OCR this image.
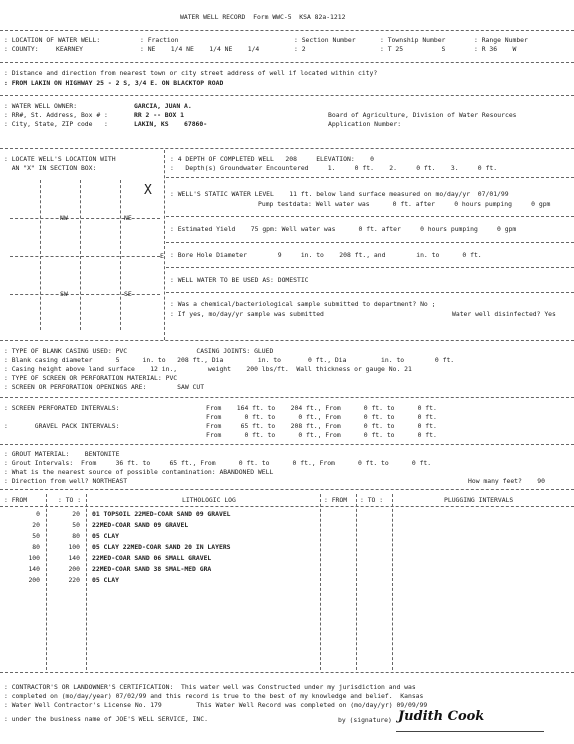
WATER WELL RECORD  Form WWC-5  KSA 82a-1212
: LOCATION OF WATER WELL:
: COUNTY:	KEARNEY
: Fraction
: NE    1/4 NE    1/4 NE    1/4
: Section Number
: 2
: Township Number
: T 25          S
: Range Number
: R 36    W
: Distance and direction from nearest town or city street address of well if located within city?
: FROM LAKIN ON HIGHWAY 25 - 2 S, 3/4 E. ON BLACKTOP ROAD
: WATER WELL OWNER:	GARCIA, JUAN A.
: RR#, St. Address, Box # :	RR 2 -- BOX 1
: City, State, ZIP code   :	LAKIN, KS    67860-
Board of Agriculture, Division of Water Resources
Application Number:
: LOCATE WELL'S LOCATION WITH
AN "X" IN SECTION BOX:
NW	NE
SW	SE
E
X
: 4 DEPTH OF COMPLETED WELL   208     ELEVATION:    0
:   Depth(s) Groundwater Encountered     1.     0 ft.    2.     0 ft.    3.     0 ft.
: WELL'S STATIC WATER LEVEL    11 ft. below land surface measured on mo/day/yr  07/01/99
Pump testdata: Well water was      0 ft. after     0 hours pumping     0 gpm
: Estimated Yield    75 gpm: Well water was      0 ft. after     0 hours pumping     0 gpm
: Bore Hole Diameter        9     in. to    208 ft., and        in. to      0 ft.
: WELL WATER TO BE USED AS: DOMESTIC
: Was a chemical/bacteriological sample submitted to department? No ;
: If yes, mo/day/yr sample was submitted	Water well disinfected? Yes
: TYPE OF BLANK CASING USED: PVC                  CASING JOINTS: GLUED
: Blank casing diameter      5      in. to   208 ft., Dia         in. to       0 ft., Dia         in. to        0 ft.
: Casing height above land surface    12 in.,        weight    200 lbs/ft.  Wall thickness or gauge No. 21
: TYPE OF SCREEN OR PERFORATION MATERIAL: PVC
: SCREEN OR PERFORATION OPENINGS ARE:        SAW CUT
: SCREEN PERFORATED INTERVALS:
:       GRAVEL PACK INTERVALS:
From    164 ft. to    204 ft., From      0 ft. to      0 ft.
From      0 ft. to      0 ft., From      0 ft. to      0 ft.
From     65 ft. to    208 ft., From      0 ft. to      0 ft.
From      0 ft. to      0 ft., From      0 ft. to      0 ft.
: GROUT MATERIAL:    BENTONITE
: Grout Intervals:  From     36 ft. to     65 ft., From      0 ft. to      0 ft., From      0 ft. to      0 ft.
: What is the nearest source of possible contamination: ABANDONED WELL
: Direction from well? NORTHEAST	How many feet?    90
: FROM	: TO :	LITHOLOGIC LOG	: FROM : TO :	PLUGGING INTERVALS
0	20 01 TOPSOIL 22MED-COAR SAND 09 GRAVEL
20	50 22MED-COAR SAND 09 GRAVEL
50	80 05 CLAY
80	100 05 CLAY 22MED-COAR SAND 20 IN LAYERS
100	140 22MED-COAR SAND 06 SMALL GRAVEL
140	200 22MED-COAR SAND 38 SMAL-MED GRA
200	220 05 CLAY
: CONTRACTOR'S OR LANDOWNER'S CERTIFICATION:  This water well was Constructed under my jurisdiction and was
: completed on (mo/day/year) 07/02/99 and this record is true to the best of my knowledge and belief.  Kansas
: Water Well Contractor's License No. 179         This Water Well Record was completed on (mo/day/yr) 09/09/99
: under the business name of JOE'S WELL SERVICE, INC.	by (signature) Judith Cook
